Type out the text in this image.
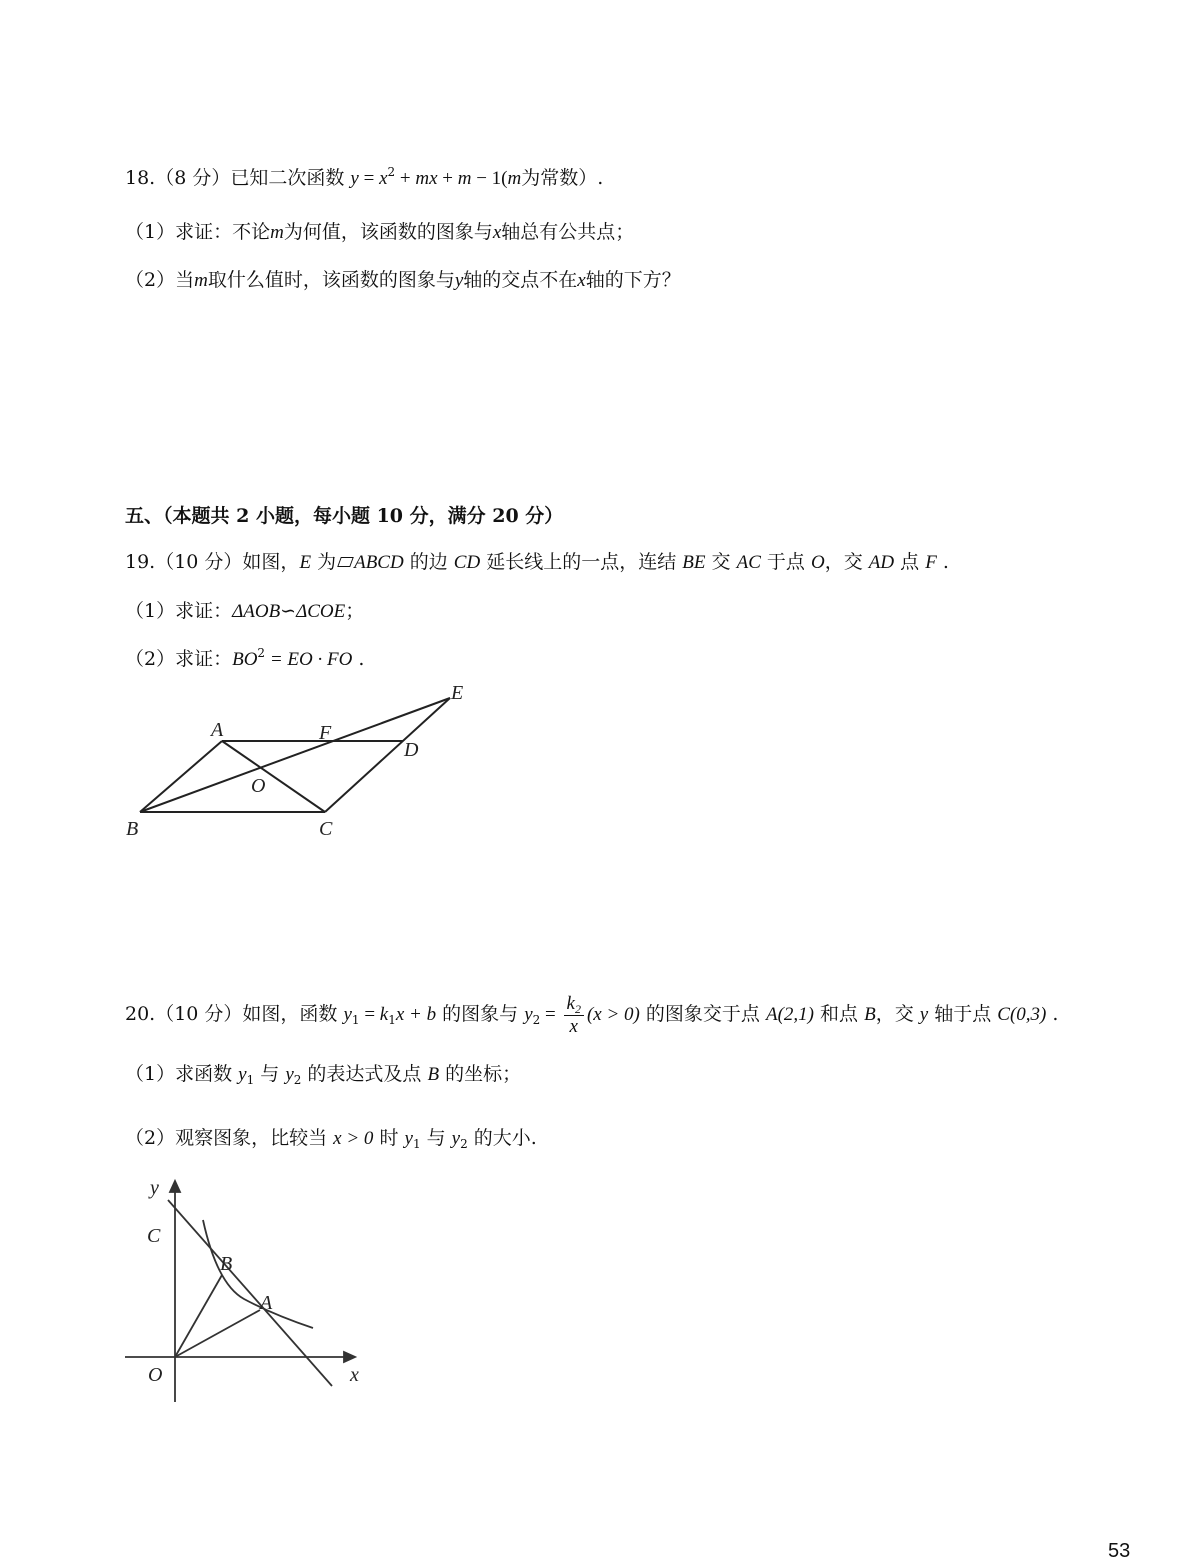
18.（8 分）已知二次函数 $y = x^2$ + mx + m − 1(m为常数）.
（1）求证：不论m为何值，该函数的图象与x轴总有公共点；
（2）当m取什么值时，该函数的图象与y轴的交点不在x轴的下方？
五、（本题共 2 小题，每小题 10 分，满分 20 分）
19.（10 分）如图，E 为 ABCD 的边 CD 延长线上的一点，连结 BE 交 AC 于点 O，交 AD 点 F .
（1）求证：ΔAOB∽ΔCOE；
（2）求证：$BO^2$ = EO · FO .
A	F
D
E
O
B	C
20.（10 分）如图，函数 $y_1 = k_1x + b$ 的图象与 $y_2 = \frac{k_2}{x} (x > 0)$ 的图象交于点 A(2,1) 和点 B，交 y 轴于点 C(0,3) .
（1）求函数 $y_1$ 与 $y_2$ 的表达式及点 B 的坐标；
（2）观察图象，比较当 x > 0 时 $y_1$ 与 $y_2$ 的大小.
y
C
B
A
O	x
53
